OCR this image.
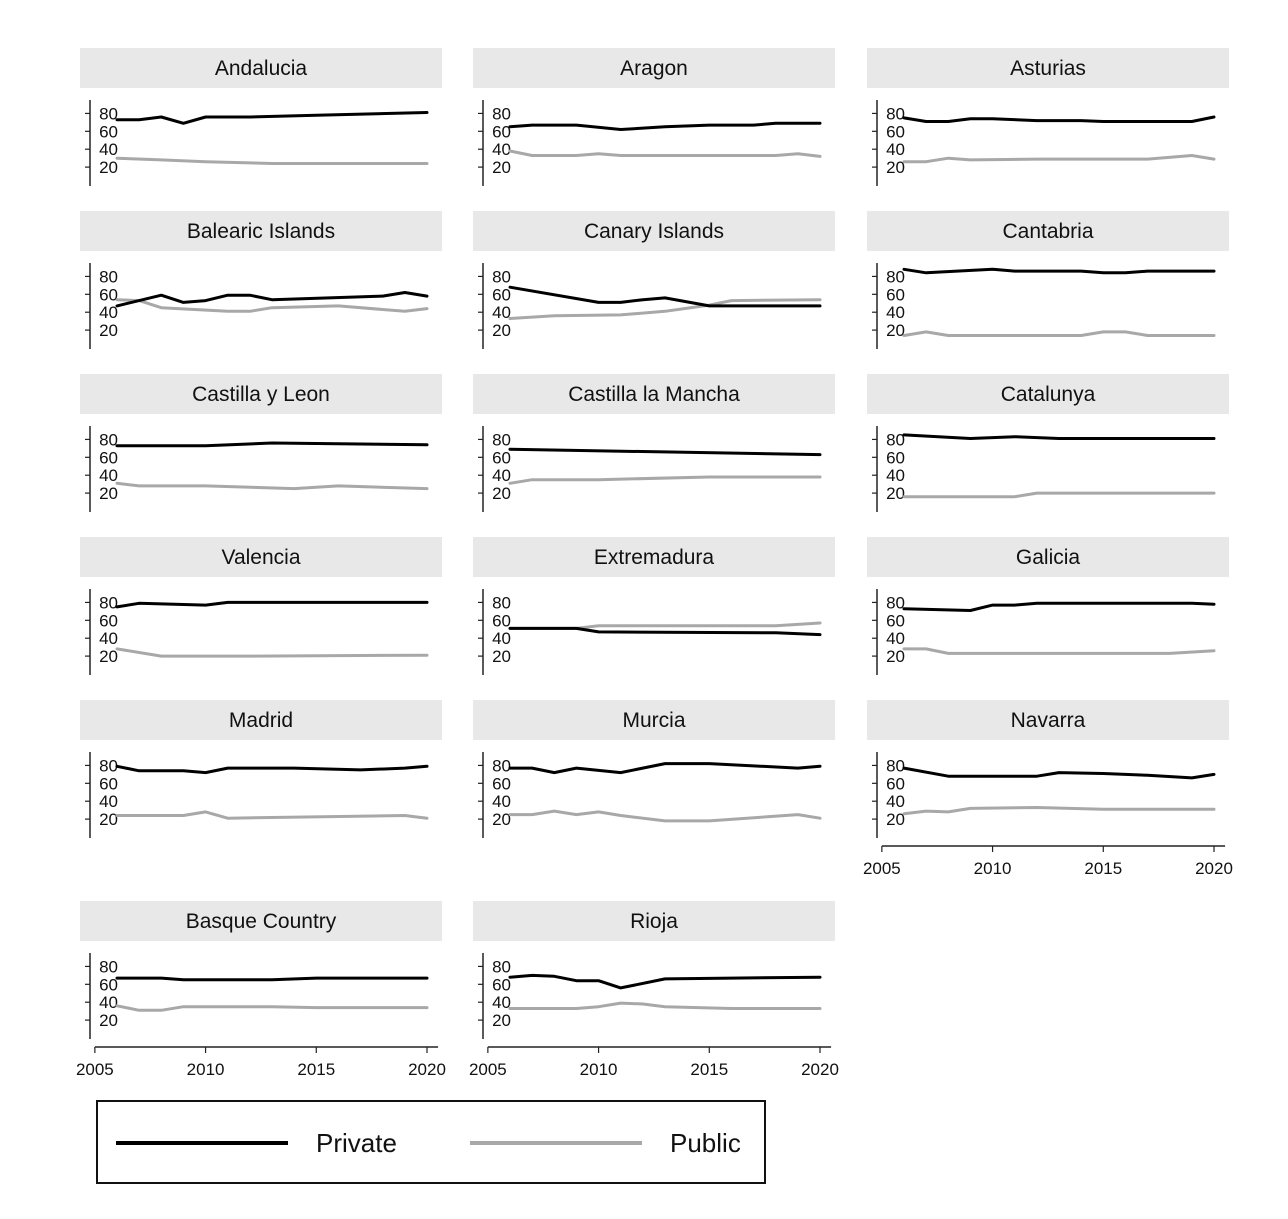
Andalucia
20
40
60
80
Aragon
20
40
60
80
Asturias
20
40
60
80
Balearic Islands
20
40
60
80
Canary Islands
20
40
60
80
Cantabria
20
40
60
80
Castilla y Leon
20
40
60
80
Castilla la Mancha
20
40
60
80
Catalunya
20
40
60
80
Valencia
20
40
60
80
Extremadura
20
40
60
80
Galicia
20
40
60
80
Madrid
20
40
60
80
Murcia
20
40
60
80
Navarra
20
40
60
80
2005	2010	2015	2020
Basque Country
20
40
60
80
2005	2010	2015	2020
Rioja
20
40
60
80
2005	2010	2015	2020
Private	Public
